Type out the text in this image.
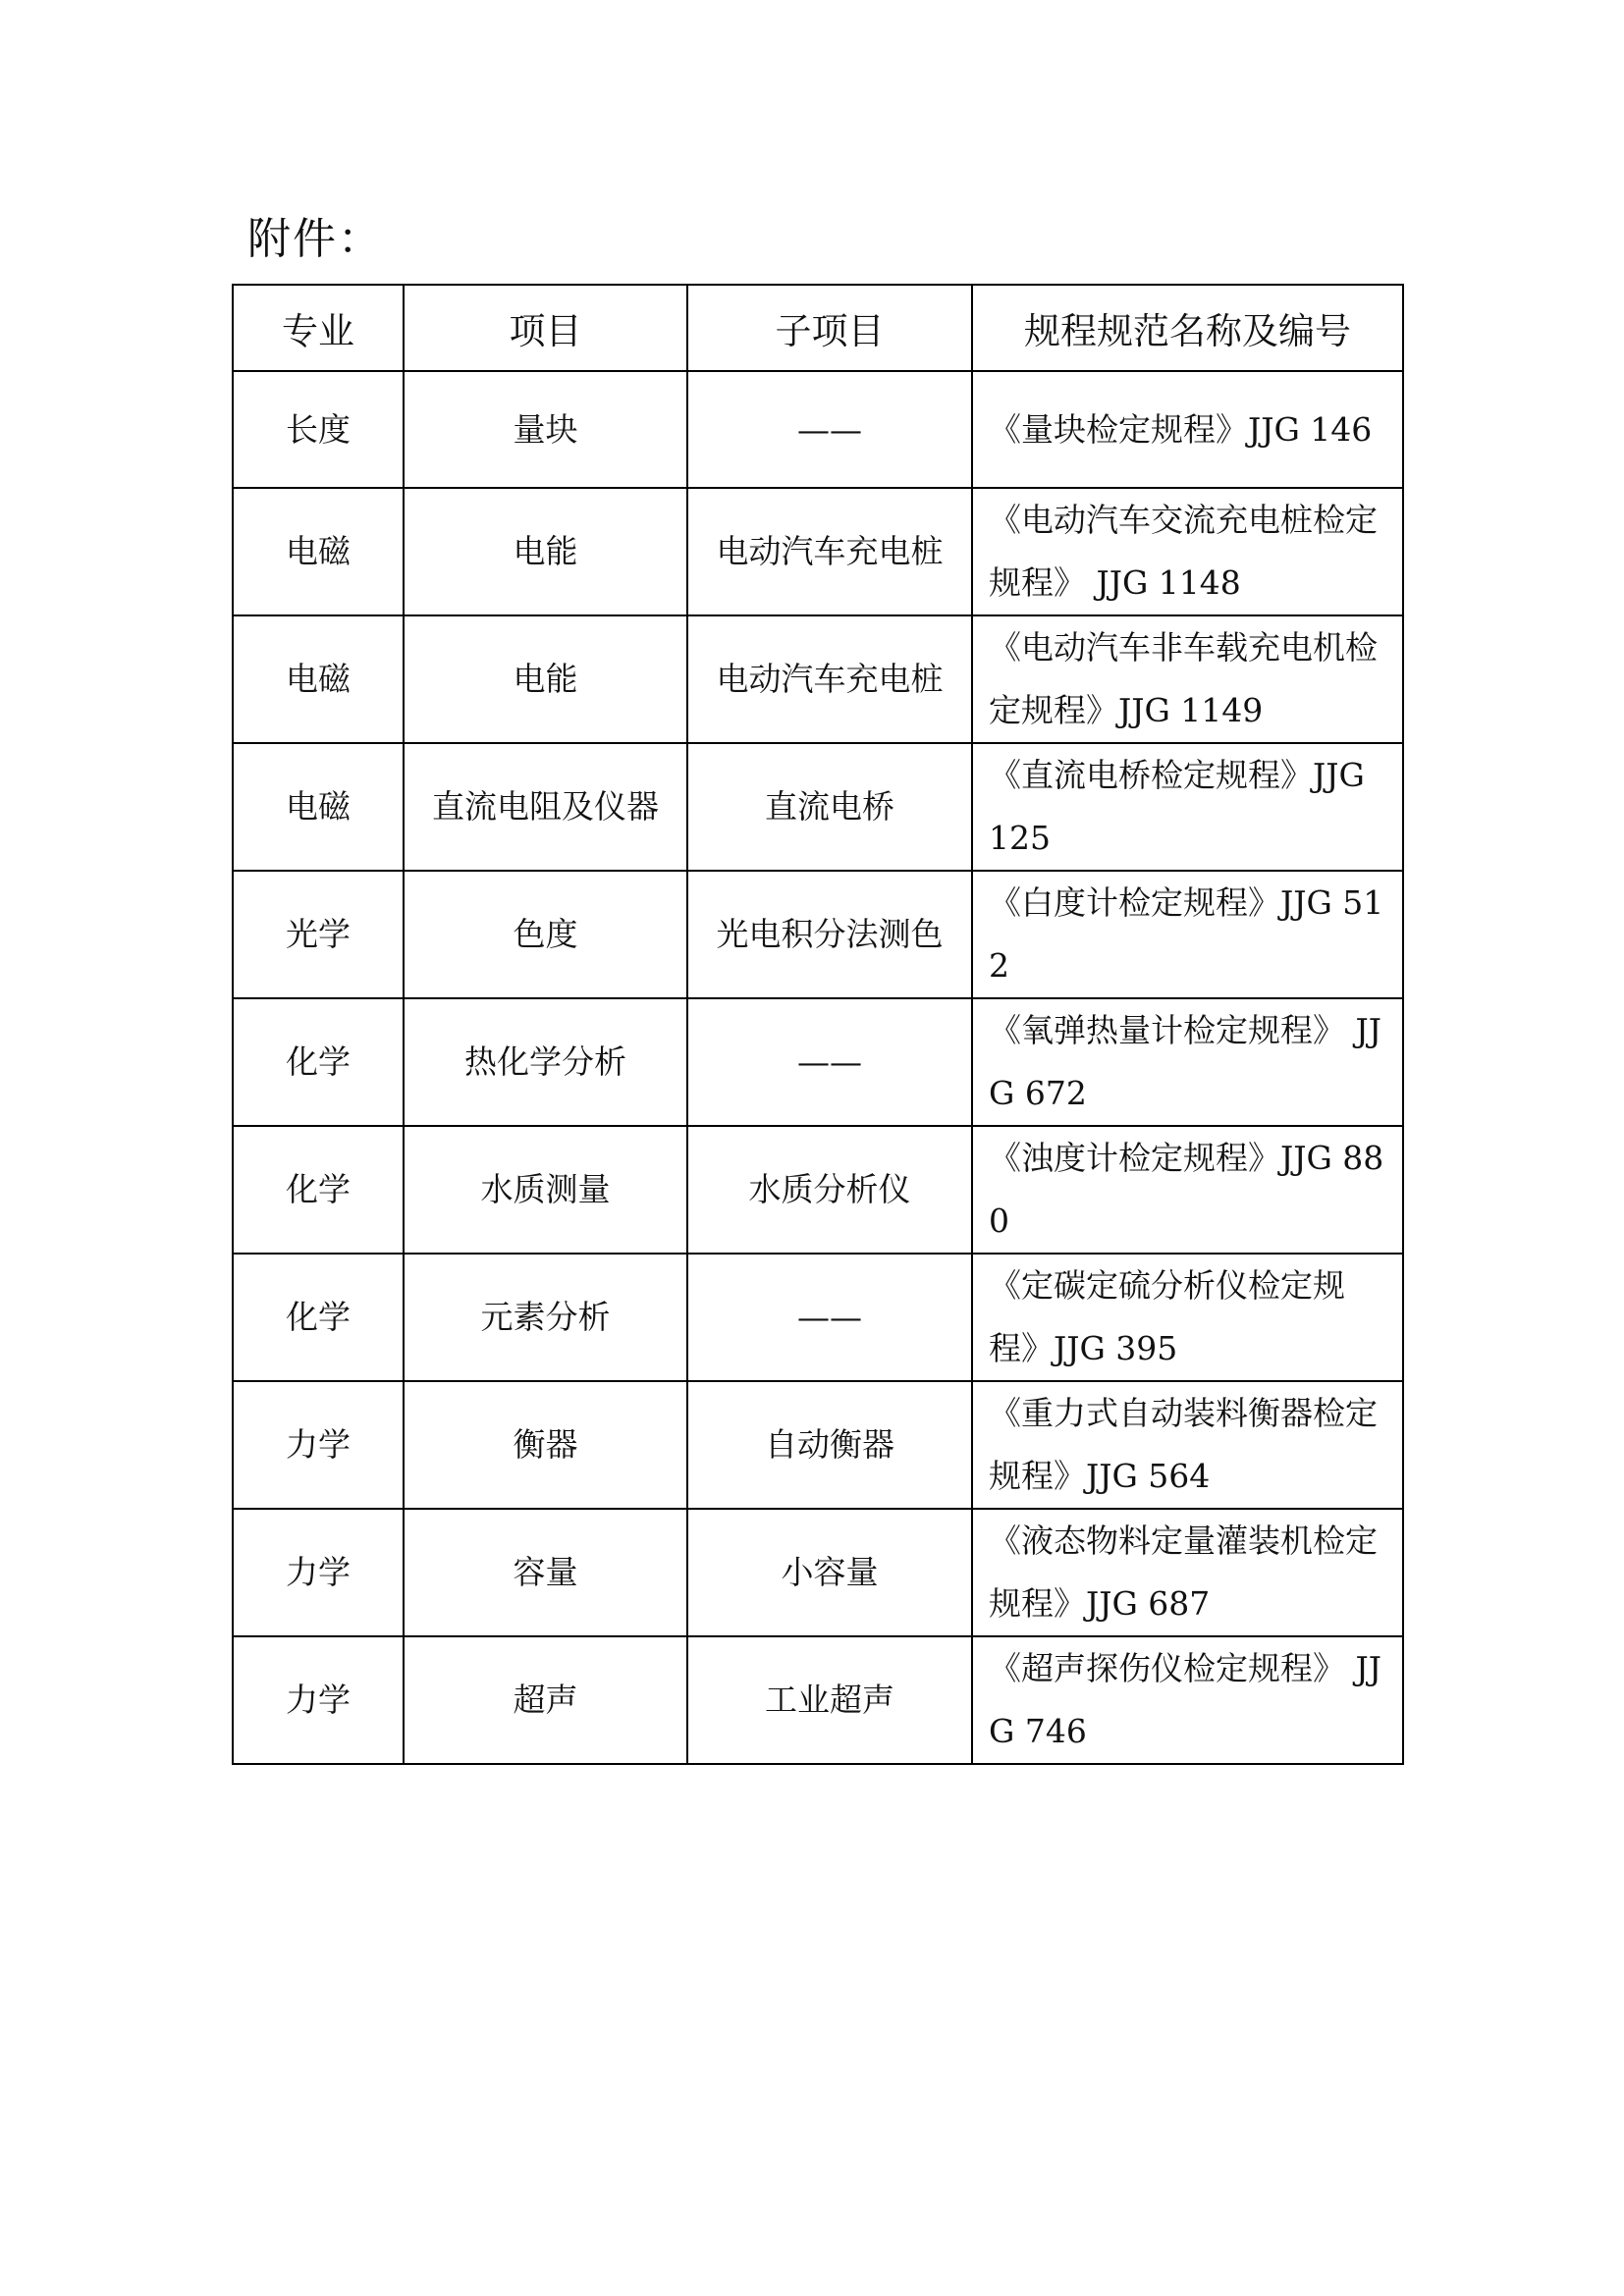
附件：
专业	项目	子项目	规程规范名称及编号
长度	量块	——	《量块检定规程》JJG 146
电磁	电能	电动汽车充电桩	《电动汽车交流充电桩检定规程》 JJG 1148
电磁	电能	电动汽车充电桩	《电动汽车非车载充电机检定规程》JJG 1149
电磁	直流电阻及仪器	直流电桥	《直流电桥检定规程》JJG 125
光学	色度	光电积分法测色	《白度计检定规程》JJG 512
化学	热化学分析	——	《氧弹热量计检定规程》 JJG 672
化学	水质测量	水质分析仪	《浊度计检定规程》JJG 880
化学	元素分析	——	《定碳定硫分析仪检定规程》JJG 395
力学	衡器	自动衡器	《重力式自动装料衡器检定规程》JJG 564
力学	容量	小容量	《液态物料定量灌装机检定规程》JJG 687
力学	超声	工业超声	《超声探伤仪检定规程》 JJG 746
